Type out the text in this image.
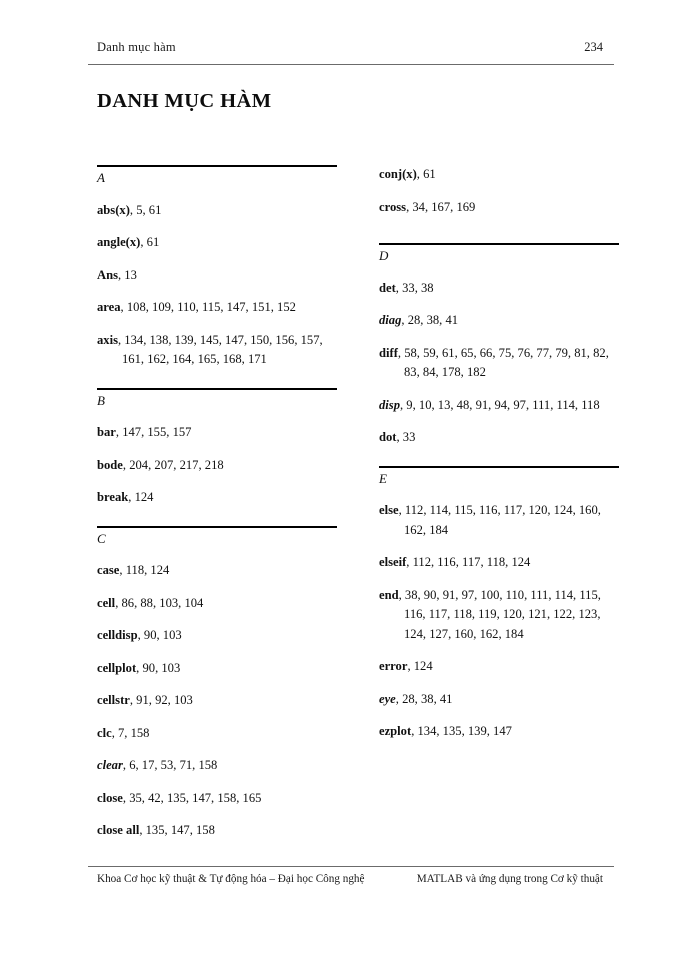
Danh mục hàm	234
DANH MỤC HÀM
A
abs(x), 5, 61
angle(x), 61
Ans, 13
area, 108, 109, 110, 115, 147, 151, 152
axis, 134, 138, 139, 145, 147, 150, 156, 157, 161, 162, 164, 165, 168, 171
B
bar, 147, 155, 157
bode, 204, 207, 217, 218
break, 124
C
case, 118, 124
cell, 86, 88, 103, 104
celldisp, 90, 103
cellplot, 90, 103
cellstr, 91, 92, 103
clc, 7, 158
clear, 6, 17, 53, 71, 158
close, 35, 42, 135, 147, 158, 165
close all, 135, 147, 158
conj(x), 61
cross, 34, 167, 169
D
det, 33, 38
diag, 28, 38, 41
diff, 58, 59, 61, 65, 66, 75, 76, 77, 79, 81, 82, 83, 84, 178, 182
disp, 9, 10, 13, 48, 91, 94, 97, 111, 114, 118
dot, 33
E
else, 112, 114, 115, 116, 117, 120, 124, 160, 162, 184
elseif, 112, 116, 117, 118, 124
end, 38, 90, 91, 97, 100, 110, 111, 114, 115, 116, 117, 118, 119, 120, 121, 122, 123, 124, 127, 160, 162, 184
error, 124
eye, 28, 38, 41
ezplot, 134, 135, 139, 147
Khoa Cơ học kỹ thuật & Tự động hóa – Đại học Công nghệ	MATLAB và ứng dụng trong Cơ kỹ thuật
